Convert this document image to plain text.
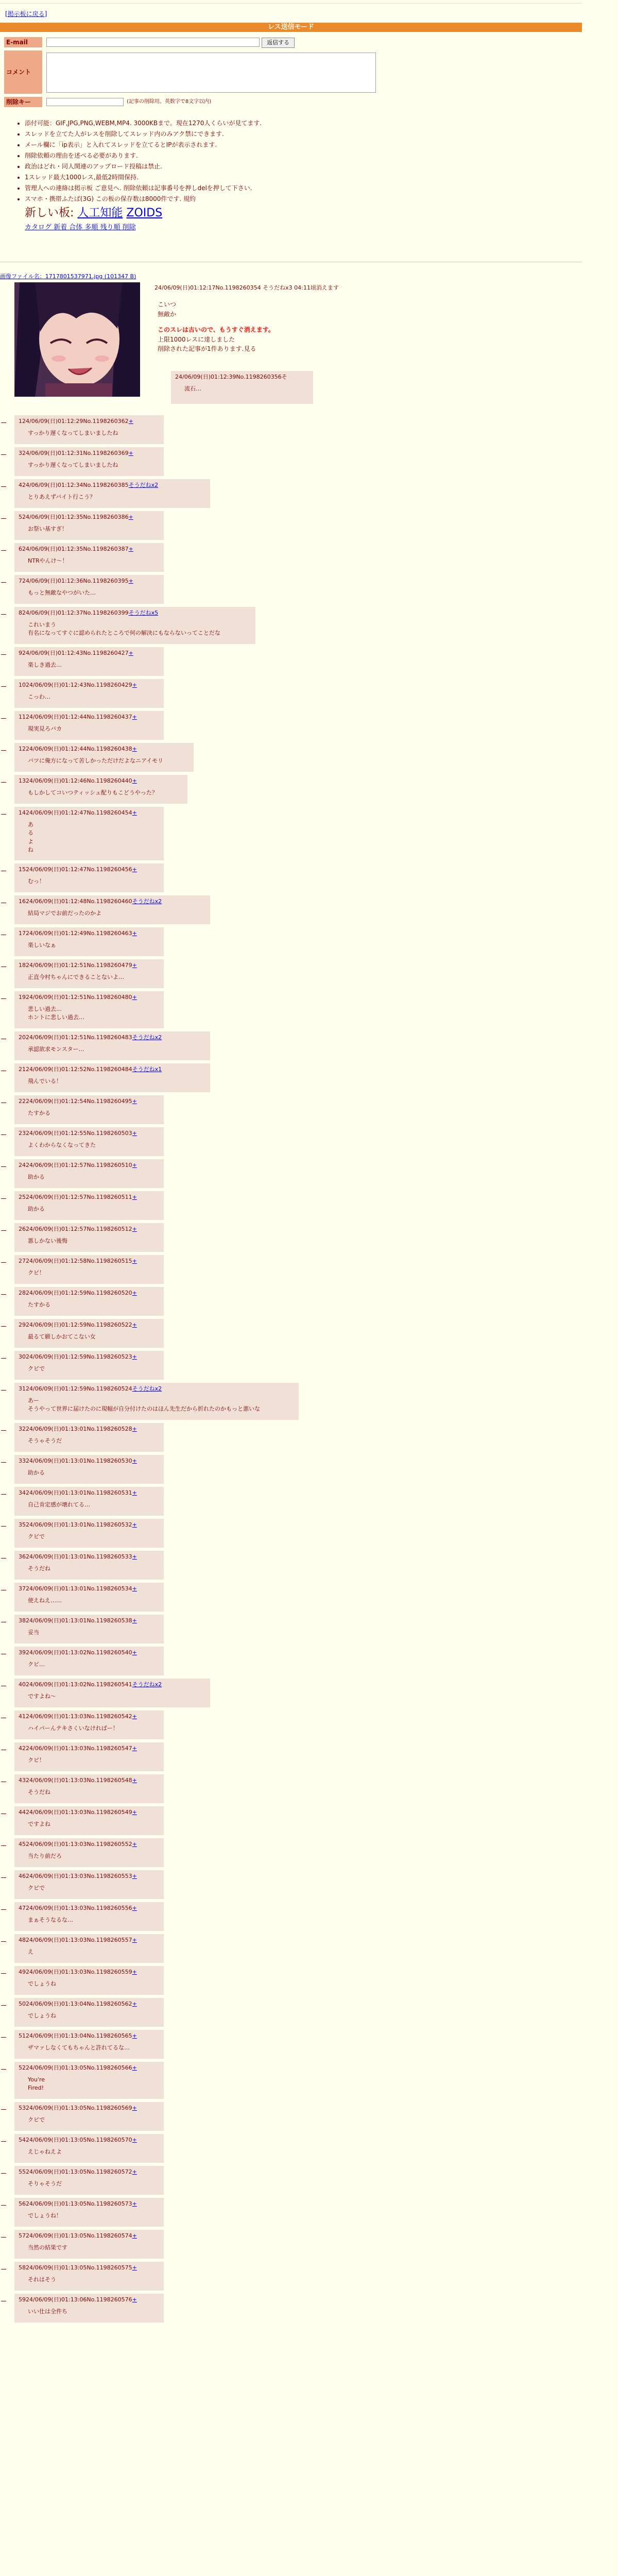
[掲示板に戻る]
レス送信モード
E-mail	返信する
コメント
削除キー	(記事の削除用。英数字で8文字以内)
• 添付可能：GIF,JPG,PNG,WEBM,MP4. 3000KBまで。現在1270人くらいが見てます.
• スレッドを立てた人がレスを削除してスレッド内のみアク禁にできます.
• メール欄に「ip表示」と入れてスレッドを立てるとIPが表示されます.
• 削除依頼の理由を述べる必要があります.
• 政治はどれ・同人関連のアップロード投稿は禁止.
• 1スレッド最大1000レス,最低2時間保持.
• 管理人への連絡は掲示板 ご意見へ. 削除依頼は記事番号を押しdelを押して下さい.
• スマホ・携帯ふたば(3G) この板の保存数は8000件です. 規約
新しい板: 人工知能 ZOIDS
カタログ 新着 合体 多順 残り順 削除
画像ファイル名：1717801537971.jpg (101347 B)
24/06/09(日)01:12:17No.1198260354 そうだねx3 04:11頃消えます
こいつ
無敵か
このスレは古いので、もうすぐ消えます。
上限1000レスに達しました
削除された記事が1件あります.見る
24/06/09(日)01:12:39No.1198260356そ
流石…
124/06/09(日)01:12:29No.1198260362+
すっかり遅くなってしまいましたね
324/06/09(日)01:12:31No.1198260369+
すっかり遅くなってしまいましたね
424/06/09(日)01:12:34No.1198260385そうだねx2
とりあえずバイト行こう？
524/06/09(日)01:12:35No.1198260386+
お祭い基すぎ！
624/06/09(日)01:12:35No.1198260387+
NTRやんけ〜！
724/06/09(日)01:12:36No.1198260395+
もっと無敵なやつがいた…
824/06/09(日)01:12:37No.1198260399そうだねx5
これいまう
有名になってすぐに認められたところで何の解決にもならないってことだな
924/06/09(日)01:12:43No.1198260427+
楽しき過去…
1024/06/09(日)01:12:43No.1198260429+
こっわ…
1124/06/09(日)01:12:44No.1198260437+
現実見ろバカ
1224/06/09(日)01:12:44No.1198260438+
バツに俺方になって苦しかっただけだよなニアイモリ
1324/06/09(日)01:12:46No.1198260440+
もしかしてコいつティッシュ配りもこどうやった？
1424/06/09(日)01:12:47No.1198260454+
あ
る
よ
ね
1524/06/09(日)01:12:47No.1198260456+
むっ！
1624/06/09(日)01:12:48No.1198260460そうだねx2
結局マジでお前だったのかよ
1724/06/09(日)01:12:49No.1198260463+
楽しいなぁ
1824/06/09(日)01:12:51No.1198260479+
正直今村ちゃんにできることないよ…
1924/06/09(日)01:12:51No.1198260480+
悲しい過去…
ホントに悲しい過去…
2024/06/09(日)01:12:51No.1198260483そうだねx2
承認欲求モンスター…
2124/06/09(日)01:12:52No.1198260484そうだねx1
飛んでいる！
2224/06/09(日)01:12:54No.1198260495+
たすかる
2324/06/09(日)01:12:55No.1198260503+
よくわからなくなってきた
2424/06/09(日)01:12:57No.1198260510+
助かる
2524/06/09(日)01:12:57No.1198260511+
助かる
2624/06/09(日)01:12:57No.1198260512+
悪しかない後悔
2724/06/09(日)01:12:58No.1198260515+
クビ！
2824/06/09(日)01:12:59No.1198260520+
たすかる
2924/06/09(日)01:12:59No.1198260522+
最るて願しかおてこない女
3024/06/09(日)01:12:59No.1198260523+
クビで
3124/06/09(日)01:12:59No.1198260524そうだねx2
あー
そうやって世界に届けたのに現幅が自分付けたのはほん先生だから折れたのかもっと悪いな
3224/06/09(日)01:13:01No.1198260528+
そうゃそうだ
3324/06/09(日)01:13:01No.1198260530+
助かる
3424/06/09(日)01:13:01No.1198260531+
自己肯定感が壊れてる…
3524/06/09(日)01:13:01No.1198260532+
クビで
3624/06/09(日)01:13:01No.1198260533+
そうだね
3724/06/09(日)01:13:01No.1198260534+
使えねえ……
3824/06/09(日)01:13:01No.1198260538+
妥当
3924/06/09(日)01:13:02No.1198260540+
クビ…
4024/06/09(日)01:13:02No.1198260541そうだねx2
ですよね〜
4124/06/09(日)01:13:03No.1198260542+
ハイパーんテキさくいなければー！
4224/06/09(日)01:13:03No.1198260547+
クビ！
4324/06/09(日)01:13:03No.1198260548+
そうだね
4424/06/09(日)01:13:03No.1198260549+
ですよね
4524/06/09(日)01:13:03No.1198260552+
当たり前だろ
4624/06/09(日)01:13:03No.1198260553+
クビで
4724/06/09(日)01:13:03No.1198260556+
まぁそうなるな…
4824/06/09(日)01:13:03No.1198260557+
え
4924/06/09(日)01:13:03No.1198260559+
でしょうね
5024/06/09(日)01:13:04No.1198260562+
でしょうね
5124/06/09(日)01:13:04No.1198260565+
ザマァしなくてもちゃんと許れてるな…
5224/06/09(日)01:13:05No.1198260566+
You're
Fired!
5324/06/09(日)01:13:05No.1198260569+
クビで
5424/06/09(日)01:13:05No.1198260570+
えじゃねえよ
5524/06/09(日)01:13:05No.1198260572+
そりゃそうだ
5624/06/09(日)01:13:05No.1198260573+
でしょうね！
5724/06/09(日)01:13:05No.1198260574+
当然の結果です
5824/06/09(日)01:13:05No.1198260575+
それはそう
5924/06/09(日)01:13:06No.1198260576+
いい仕は全件ち
